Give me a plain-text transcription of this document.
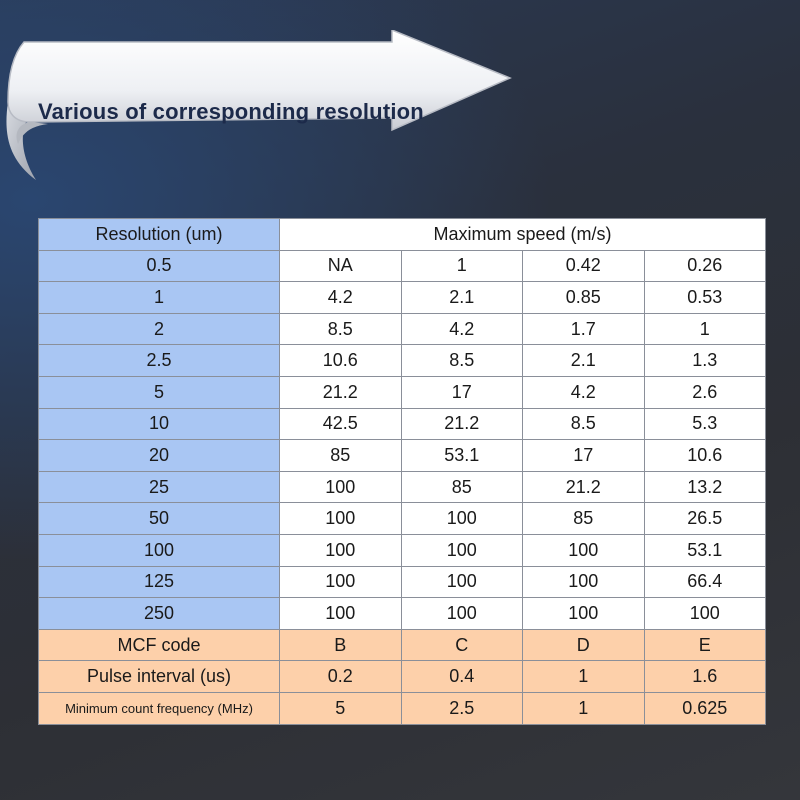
Various of corresponding resolution
Resolution (um)	Maximum speed (m/s)			
0.5	NA	1	0.42	0.26
1	4.2	2.1	0.85	0.53
2	8.5	4.2	1.7	1
2.5	10.6	8.5	2.1	1.3
5	21.2	17	4.2	2.6
10	42.5	21.2	8.5	5.3
20	85	53.1	17	10.6
25	100	85	21.2	13.2
50	100	100	85	26.5
100	100	100	100	53.1
125	100	100	100	66.4
250	100	100	100	100
MCF code	B	C	D	E
Pulse interval (us)	0.2	0.4	1	1.6
Minimum count frequency (MHz)	5	2.5	1	0.625
